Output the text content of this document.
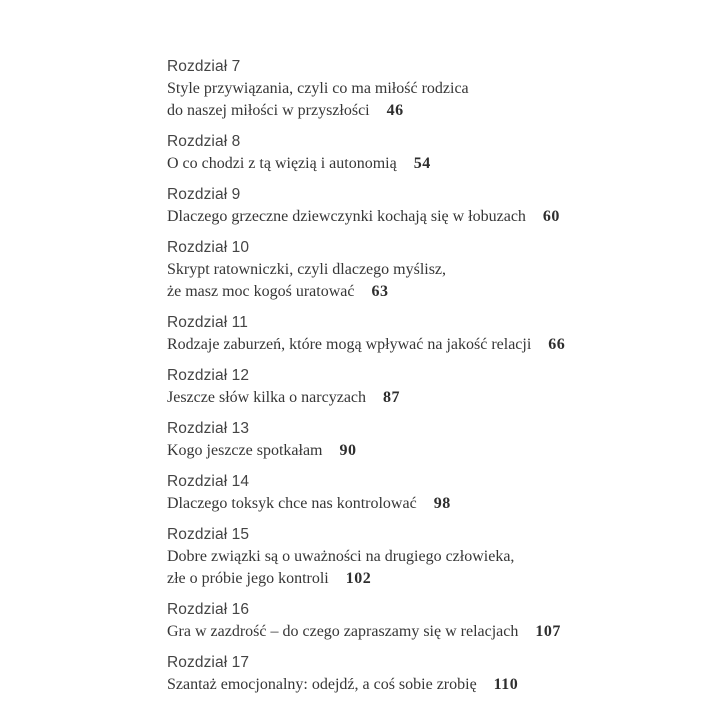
Rozdział 7
Style przywiązania, czyli co ma miłość rodzica
do naszej miłości w przyszłości 46
Rozdział 8
O co chodzi z tą więzią i autonomią 54
Rozdział 9
Dlaczego grzeczne dziewczynki kochają się w łobuzach 60
Rozdział 10
Skrypt ratowniczki, czyli dlaczego myślisz,
że masz moc kogoś uratować 63
Rozdział 11
Rodzaje zaburzeń, które mogą wpływać na jakość relacji 66
Rozdział 12
Jeszcze słów kilka o narcyzach 87
Rozdział 13
Kogo jeszcze spotkałam 90
Rozdział 14
Dlaczego toksyk chce nas kontrolować 98
Rozdział 15
Dobre związki są o uważności na drugiego człowieka,
złe o próbie jego kontroli 102
Rozdział 16
Gra w zazdrość – do czego zapraszamy się w relacjach 107
Rozdział 17
Szantaż emocjonalny: odejdź, a coś sobie zrobię 110
